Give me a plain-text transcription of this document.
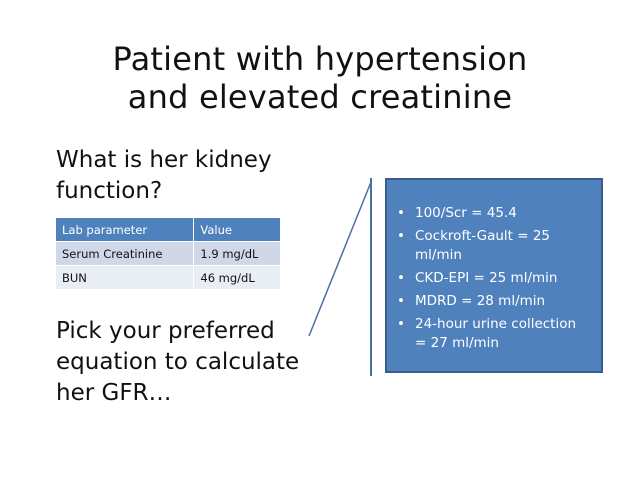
Patient with hypertension
and elevated creatinine
What is her kidney
function?
Lab parameter	Value
Serum Creatinine	1.9 mg/dL
BUN	46 mg/dL
Pick your preferred
equation to calculate
her GFR…
• 100/Scr = 45.4
• Cockroft-Gault = 25
ml/min
• CKD-EPI = 25 ml/min
• MDRD = 28 ml/min
• 24-hour urine collection
= 27 ml/min
